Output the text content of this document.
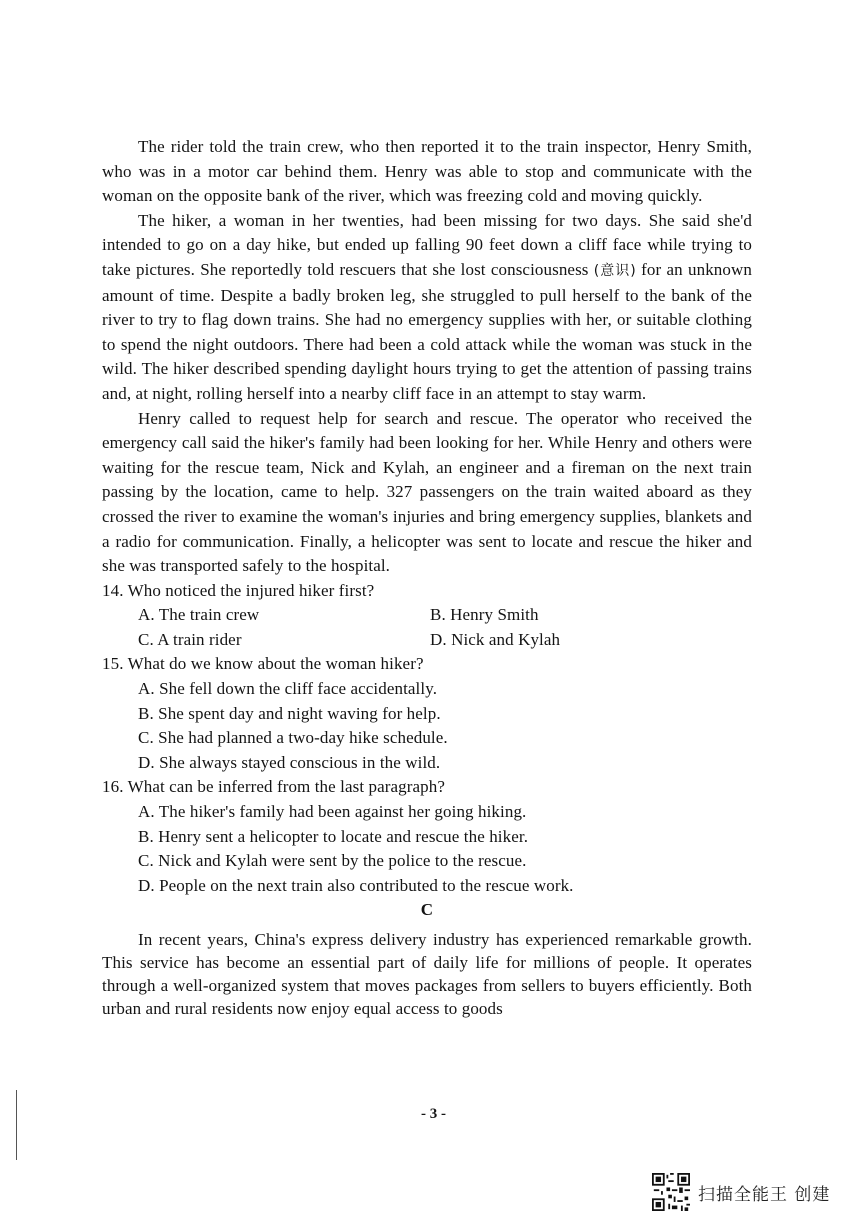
The rider told the train crew, who then reported it to the train inspector, Henry Smith, who was in a motor car behind them. Henry was able to stop and communicate with the woman on the opposite bank of the river, which was freezing cold and moving quickly.

The hiker, a woman in her twenties, had been missing for two days. She said she'd intended to go on a day hike, but ended up falling 90 feet down a cliff face while trying to take pictures. She reportedly told rescuers that she lost consciousness (意识) for an unknown amount of time. Despite a badly broken leg, she struggled to pull herself to the bank of the river to try to flag down trains. She had no emergency supplies with her, or suitable clothing to spend the night outdoors. There had been a cold attack while the woman was stuck in the wild. The hiker described spending daylight hours trying to get the attention of passing trains and, at night, rolling herself into a nearby cliff face in an attempt to stay warm.

Henry called to request help for search and rescue. The operator who received the emergency call said the hiker's family had been looking for her. While Henry and others were waiting for the rescue team, Nick and Kylah, an engineer and a fireman on the next train passing by the location, came to help. 327 passengers on the train waited aboard as they crossed the river to examine the woman's injuries and bring emergency supplies, blankets and a radio for communication. Finally, a helicopter was sent to locate and rescue the hiker and she was transported safely to the hospital.

14. Who noticed the injured hiker first?

A. The train crew	B. Henry Smith

C. A train rider	D. Nick and Kylah

15. What do we know about the woman hiker?

A. She fell down the cliff face accidentally.

B. She spent day and night waving for help.

C. She had planned a two-day hike schedule.

D. She always stayed conscious in the wild.

16. What can be inferred from the last paragraph?

A. The hiker's family had been against her going hiking.

B. Henry sent a helicopter to locate and rescue the hiker.

C. Nick and Kylah were sent by the police to the rescue.

D. People on the next train also contributed to the rescue work.

C

In recent years, China's express delivery industry has experienced remarkable growth. This service has become an essential part of daily life for millions of people. It operates through a well-organized system that moves packages from sellers to buyers efficiently. Both urban and rural residents now enjoy equal access to goods

- 3 -
扫描全能王 创建
